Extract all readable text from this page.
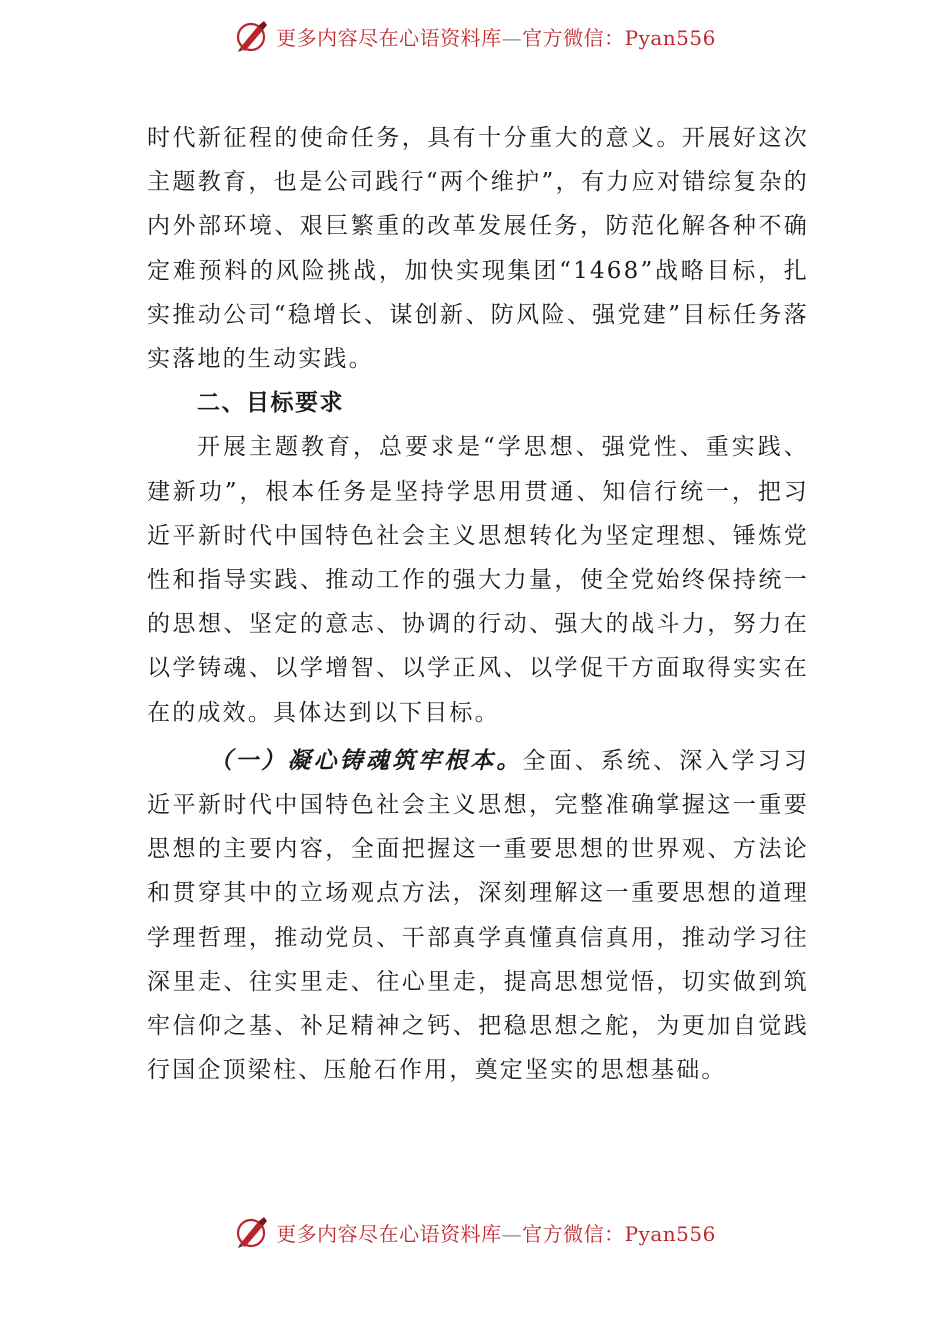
更多内容尽在心语资料库—官方微信：Pyan556

时代新征程的使命任务，具有十分重大的意义。开展好这次主题教育，也是公司践行“两个维护”，有力应对错综复杂的内外部环境、艰巨繁重的改革发展任务，防范化解各种不确定难预料的风险挑战，加快实现集团“1468”战略目标，扎实推动公司“稳增长、谋创新、防风险、强党建”目标任务落实落地的生动实践。

二、目标要求

开展主题教育，总要求是“学思想、强党性、重实践、建新功”，根本任务是坚持学思用贯通、知信行统一，把习近平新时代中国特色社会主义思想转化为坚定理想、锤炼党性和指导实践、推动工作的强大力量，使全党始终保持统一的思想、坚定的意志、协调的行动、强大的战斗力，努力在以学铸魂、以学增智、以学正风、以学促干方面取得实实在在的成效。具体达到以下目标。

（一）凝心铸魂筑牢根本。全面、系统、深入学习习近平新时代中国特色社会主义思想，完整准确掌握这一重要思想的主要内容，全面把握这一重要思想的世界观、方法论和贯穿其中的立场观点方法，深刻理解这一重要思想的道理学理哲理，推动党员、干部真学真懂真信真用，推动学习往深里走、往实里走、往心里走，提高思想觉悟，切实做到筑牢信仰之基、补足精神之钙、把稳思想之舵，为更加自觉践行国企顶梁柱、压舱石作用，奠定坚实的思想基础。

更多内容尽在心语资料库—官方微信：Pyan556
